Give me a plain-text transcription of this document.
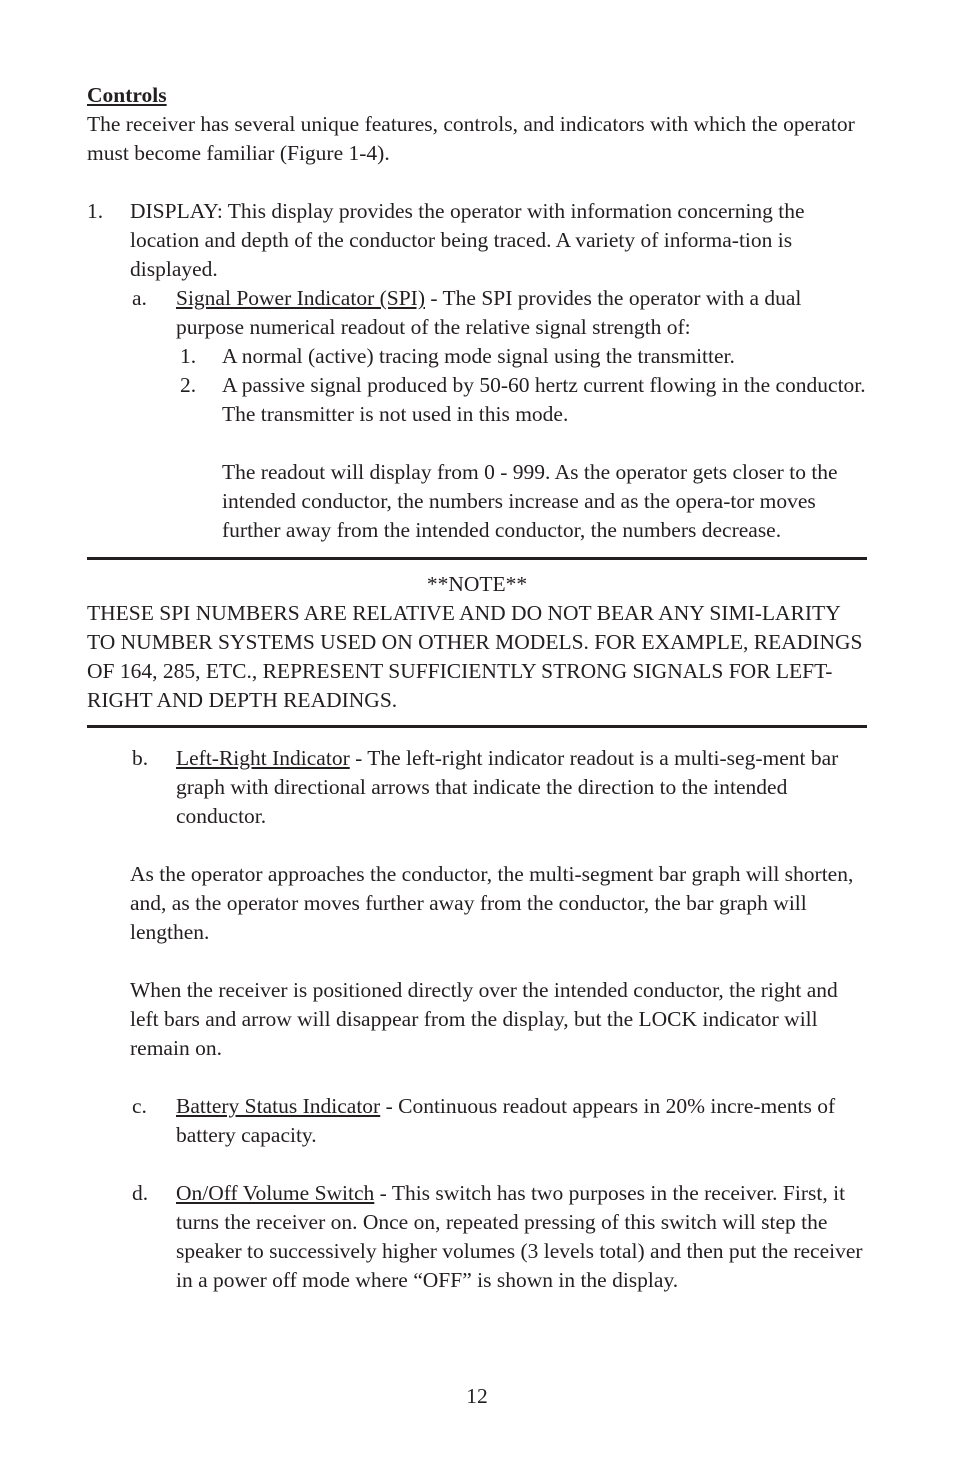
Controls

The receiver has several unique features, controls, and indicators with which the operator must become familiar (Figure 1-4).

1. DISPLAY: This display provides the operator with information concerning the location and depth of the conductor being traced. A variety of informa-tion is displayed.

a. Signal Power Indicator (SPI) - The SPI provides the operator with a dual purpose numerical readout of the relative signal strength of:

1. A normal (active) tracing mode signal using the transmitter.

2. A passive signal produced by 50-60 hertz current flowing in the conductor. The transmitter is not used in this mode.

The readout will display from 0 - 999. As the operator gets closer to the intended conductor, the numbers increase and as the opera-tor moves further away from the intended conductor, the numbers decrease.

**NOTE**

THESE SPI NUMBERS ARE RELATIVE AND DO NOT BEAR ANY SIMI-LARITY TO NUMBER SYSTEMS USED ON OTHER MODELS. FOR EXAMPLE, READINGS OF 164, 285, ETC., REPRESENT SUFFICIENTLY STRONG SIGNALS FOR LEFT-RIGHT AND DEPTH READINGS.

b. Left-Right Indicator - The left-right indicator readout is a multi-seg-ment bar graph with directional arrows that indicate the direction to the intended conductor.

As the operator approaches the conductor, the multi-segment bar graph will shorten, and, as the operator moves further away from the conductor, the bar graph will lengthen.

When the receiver is positioned directly over the intended conductor, the right and left bars and arrow will disappear from the display, but the LOCK indicator will remain on.

c. Battery Status Indicator - Continuous readout appears in 20% incre-ments of battery capacity.

d. On/Off Volume Switch - This switch has two purposes in the receiver. First, it turns the receiver on. Once on, repeated pressing of this switch will step the speaker to successively higher volumes (3 levels total) and then put the receiver in a power off mode where “OFF” is shown in the display.

12
